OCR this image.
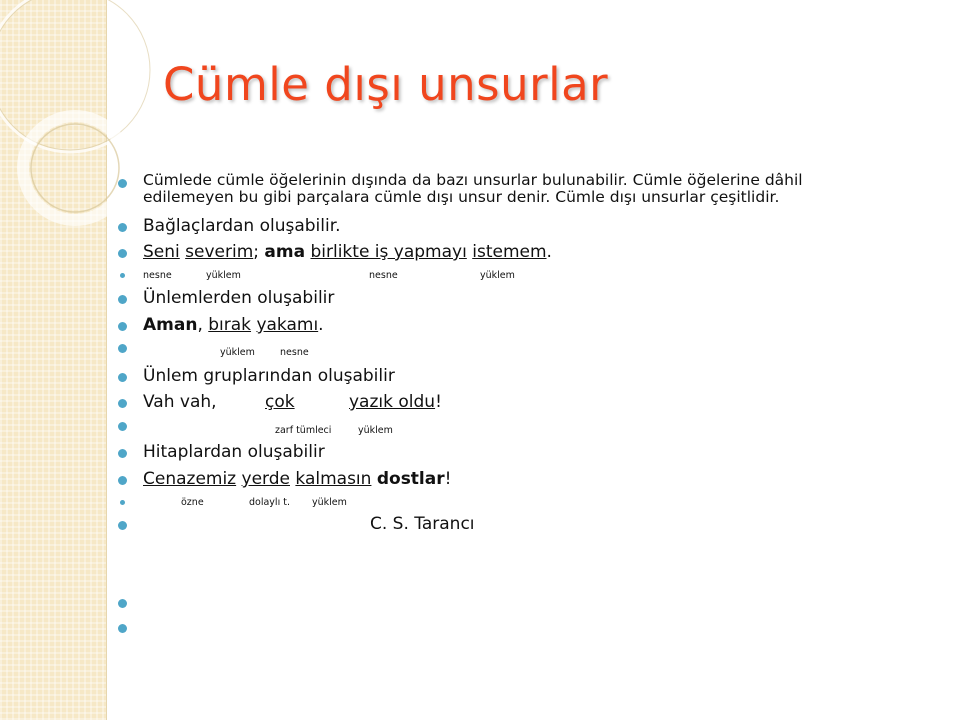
Cümle dışı unsurlar
Cümlede cümle öğelerinin dışında da bazı unsurlar bulunabilir. Cümle öğelerine dâhil
edilemeyen bu gibi parçalara cümle dışı unsur denir. Cümle dışı unsurlar çeşitlidir.
Bağlaçlardan oluşabilir.
Seni severim; ama birlikte iş yapmayı istemem.
nesne	yüklem	nesne	yüklem
Ünlemlerden oluşabilir
Aman, bırak yakamı.
yüklem	nesne
Ünlem gruplarından oluşabilir
Vah vah,	çok	yazık oldu!
zarf tümleci	yüklem
Hitaplardan oluşabilir
Cenazemiz yerde kalmasın dostlar!
özne	dolaylı t. yüklem
C. S. Tarancı
